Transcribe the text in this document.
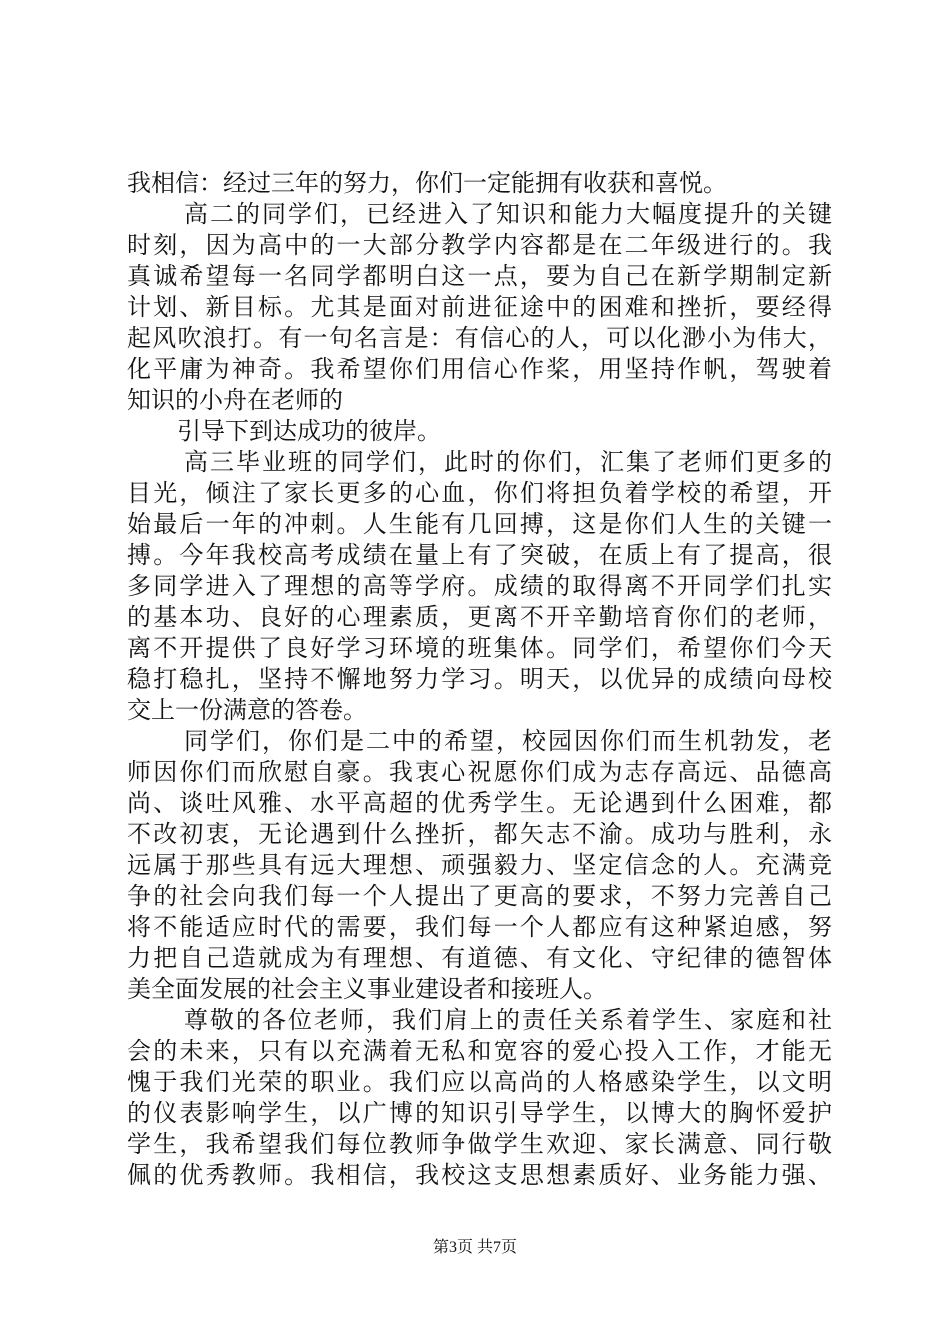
我相信：经过三年的努力，你们一定能拥有收获和喜悦。
高二的同学们，已经进入了知识和能力大幅度提升的关键
时刻，因为高中的一大部分教学内容都是在二年级进行的。我
真诚希望每一名同学都明白这一点，要为自己在新学期制定新
计划、新目标。尤其是面对前进征途中的困难和挫折，要经得
起风吹浪打。有一句名言是：有信心的人，可以化渺小为伟大，
化平庸为神奇。我希望你们用信心作桨，用坚持作帆，驾驶着
知识的小舟在老师的
引导下到达成功的彼岸。
高三毕业班的同学们，此时的你们，汇集了老师们更多的
目光，倾注了家长更多的心血，你们将担负着学校的希望，开
始最后一年的冲刺。人生能有几回搏，这是你们人生的关键一
搏。今年我校高考成绩在量上有了突破，在质上有了提高，很
多同学进入了理想的高等学府。成绩的取得离不开同学们扎实
的基本功、良好的心理素质，更离不开辛勤培育你们的老师，
离不开提供了良好学习环境的班集体。同学们，希望你们今天
稳打稳扎，坚持不懈地努力学习。明天，以优异的成绩向母校
交上一份满意的答卷。
同学们，你们是二中的希望，校园因你们而生机勃发，老
师因你们而欣慰自豪。我衷心祝愿你们成为志存高远、品德高
尚、谈吐风雅、水平高超的优秀学生。无论遇到什么困难，都
不改初衷，无论遇到什么挫折，都矢志不渝。成功与胜利，永
远属于那些具有远大理想、顽强毅力、坚定信念的人。充满竞
争的社会向我们每一个人提出了更高的要求，不努力完善自己
将不能适应时代的需要，我们每一个人都应有这种紧迫感，努
力把自己造就成为有理想、有道德、有文化、守纪律的德智体
美全面发展的社会主义事业建设者和接班人。
尊敬的各位老师，我们肩上的责任关系着学生、家庭和社
会的未来，只有以充满着无私和宽容的爱心投入工作，才能无
愧于我们光荣的职业。我们应以高尚的人格感染学生，以文明
的仪表影响学生，以广博的知识引导学生，以博大的胸怀爱护
学生，我希望我们每位教师争做学生欢迎、家长满意、同行敬
佩的优秀教师。我相信，我校这支思想素质好、业务能力强、
第3页 共7页
